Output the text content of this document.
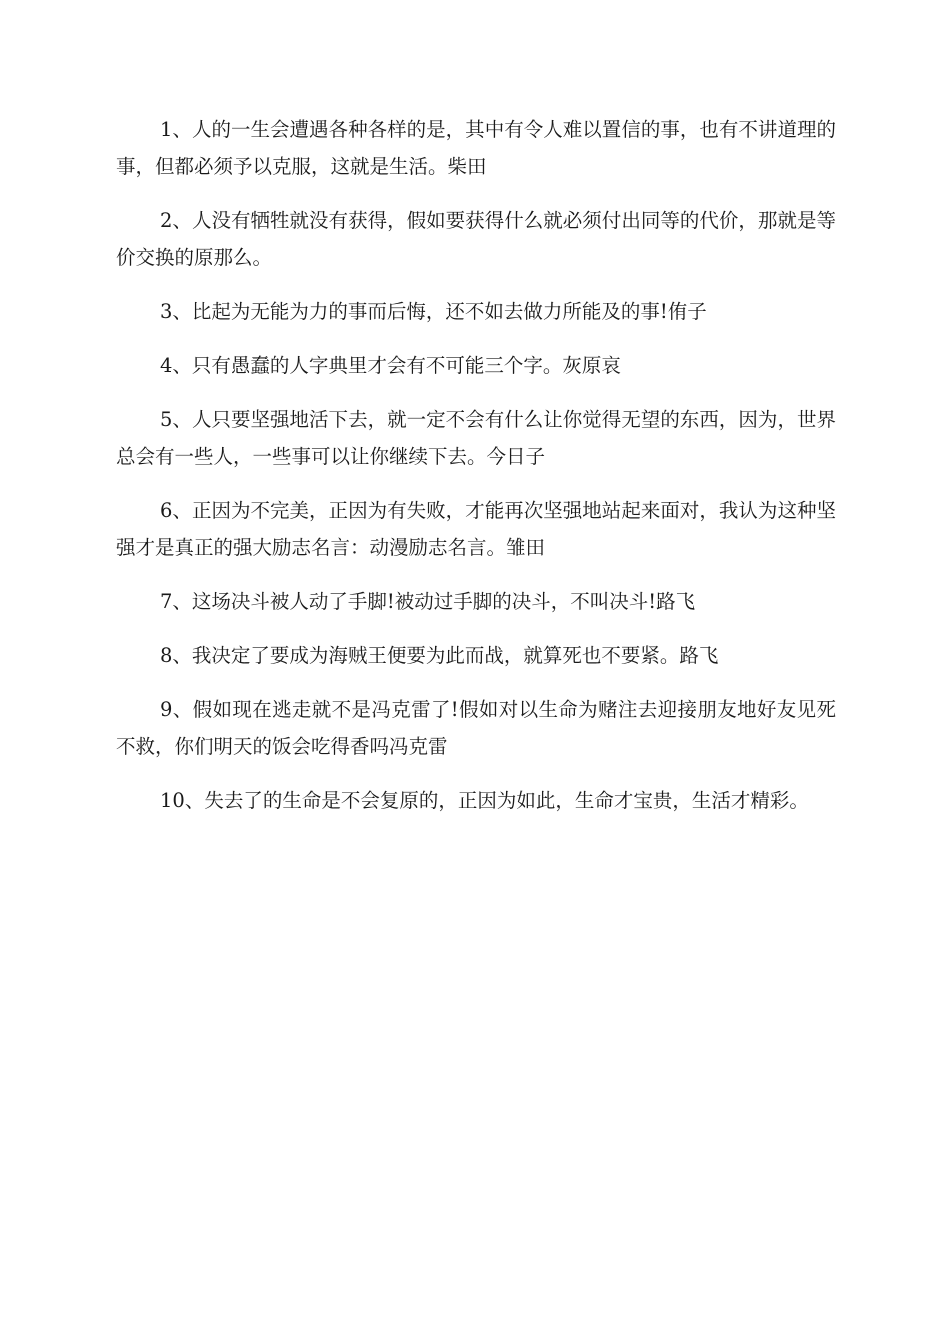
1、人的一生会遭遇各种各样的是，其中有令人难以置信的事，也有不讲道理的事，但都必须予以克服，这就是生活。柴田

2、人没有牺牲就没有获得，假如要获得什么就必须付出同等的代价，那就是等价交换的原那么。

3、比起为无能为力的事而后悔，还不如去做力所能及的事!侑子

4、只有愚蠢的人字典里才会有不可能三个字。灰原哀

5、人只要坚强地活下去，就一定不会有什么让你觉得无望的东西，因为，世界总会有一些人，一些事可以让你继续下去。今日子

6、正因为不完美，正因为有失败，才能再次坚强地站起来面对，我认为这种坚强才是真正的强大励志名言：动漫励志名言。雏田

7、这场决斗被人动了手脚!被动过手脚的决斗，不叫决斗!路飞

8、我决定了要成为海贼王便要为此而战，就算死也不要紧。路飞

9、假如现在逃走就不是冯克雷了!假如对以生命为赌注去迎接朋友地好友见死不救，你们明天的饭会吃得香吗冯克雷

10、失去了的生命是不会复原的，正因为如此，生命才宝贵，生活才精彩。
